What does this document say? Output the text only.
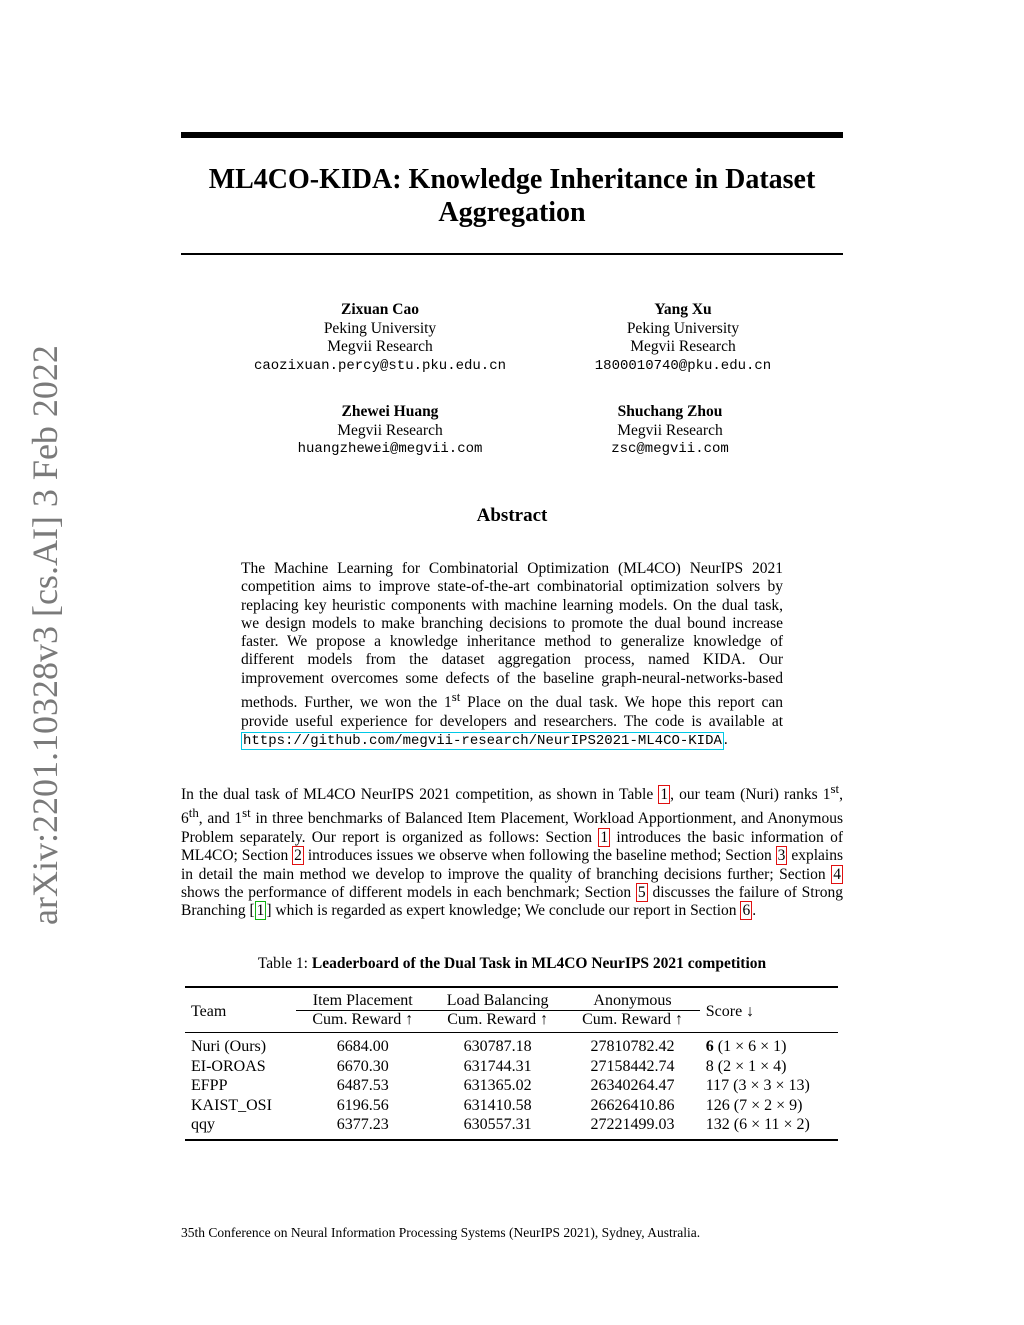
arXiv:2201.10328v3 [cs.AI] 3 Feb 2022
ML4CO-KIDA: Knowledge Inheritance in Dataset
Aggregation
Zixuan Cao
Peking University
Megvii Research
caozixuan.percy@stu.pku.edu.cn
Yang Xu
Peking University
Megvii Research
1800010740@pku.edu.cn
Zhewei Huang
Megvii Research
huangzhewei@megvii.com
Shuchang Zhou
Megvii Research
zsc@megvii.com
Abstract
The Machine Learning for Combinatorial Optimization (ML4CO) NeurIPS 2021 competition aims to improve state-of-the-art combinatorial optimization solvers by replacing key heuristic components with machine learning models. On the dual task, we design models to make branching decisions to promote the dual bound increase faster. We propose a knowledge inheritance method to generalize knowledge of different models from the dataset aggregation process, named KIDA. Our improvement overcomes some defects of the baseline graph-neural-networks-based methods. Further, we won the 1st Place on the dual task. We hope this report can provide useful experience for developers and researchers. The code is available at https://github.com/megvii-research/NeurIPS2021-ML4CO-KIDA .
In the dual task of ML4CO NeurIPS 2021 competition, as shown in Table 1 , our team (Nuri) ranks 1st, 6th, and 1st in three benchmarks of Balanced Item Placement, Workload Apportionment, and Anonymous Problem separately. Our report is organized as follows: Section 1 introduces the basic information of ML4CO; Section 2 introduces issues we observe when following the baseline method; Section 3 explains in detail the main method we develop to improve the quality of branching decisions further; Section 4 shows the performance of different models in each benchmark; Section 5 discusses the failure of Strong Branching [ 1 ] which is regarded as expert knowledge; We conclude our report in Section 6 .
Table 1: Leaderboard of the Dual Task in ML4CO NeurIPS 2021 competition
Team	Item Placement	Load Balancing	Anonymous	Score ↓
	Cum. Reward ↑	Cum. Reward ↑	Cum. Reward ↑	
Nuri (Ours)	6684.00	630787.18	27810782.42	6 (1 × 6 × 1)
EI-OROAS	6670.30	631744.31	27158442.74	8 (2 × 1 × 4)
EFPP	6487.53	631365.02	26340264.47	117 (3 × 3 × 13)
KAIST_OSI	6196.56	631410.58	26626410.86	126 (7 × 2 × 9)
qqy	6377.23	630557.31	27221499.03	132 (6 × 11 × 2)
35th Conference on Neural Information Processing Systems (NeurIPS 2021), Sydney, Australia.
